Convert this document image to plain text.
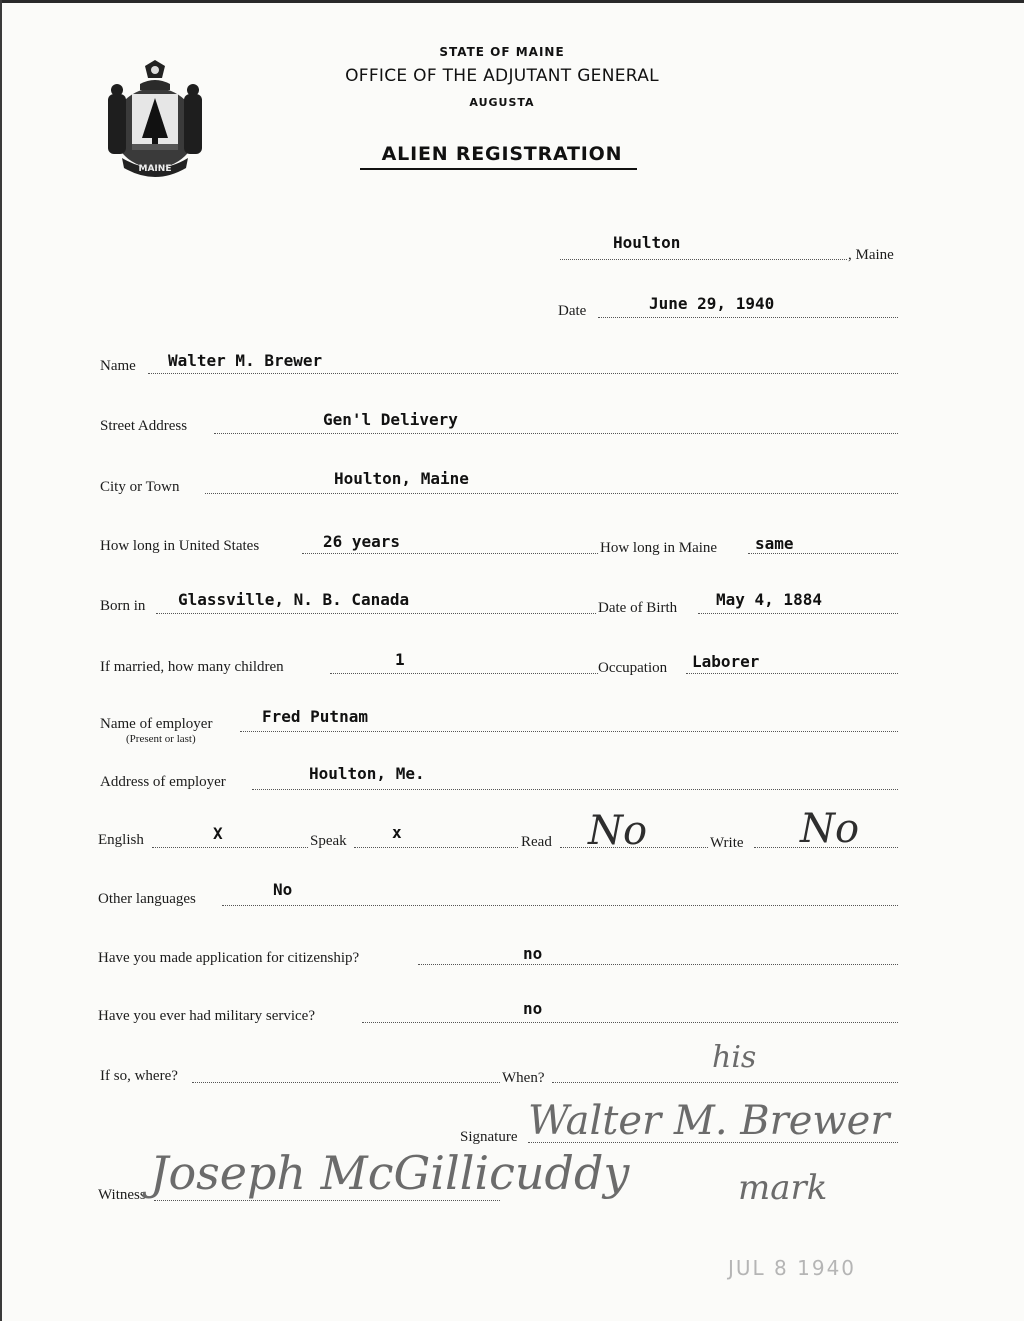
MAINE
STATE OF MAINE
OFFICE OF THE ADJUTANT GENERAL
AUGUSTA
ALIEN REGISTRATION
Houlton
, Maine
Date	June 29, 1940
Name Walter M. Brewer
Street Address	Gen'l Delivery
City or Town	Houlton, Maine
How long in United States	26 years	How long in Maine same
Born in Glassville, N. B. Canada	Date of Birth May 4, 1884
If married, how many children	1	Occupation Laborer
Name of employer
(Present or last)
Fred Putnam
Address of employer	Houlton, Me.
English	X	Speak	x	Read No	Write No
Other languages	No
Have you made application for citizenship?	no
Have you ever had military service?	no
If so, where?	When?
his
Signature Walter M. Brewer
mark
Witness Joseph McGillicuddy
JUL 8 1940
